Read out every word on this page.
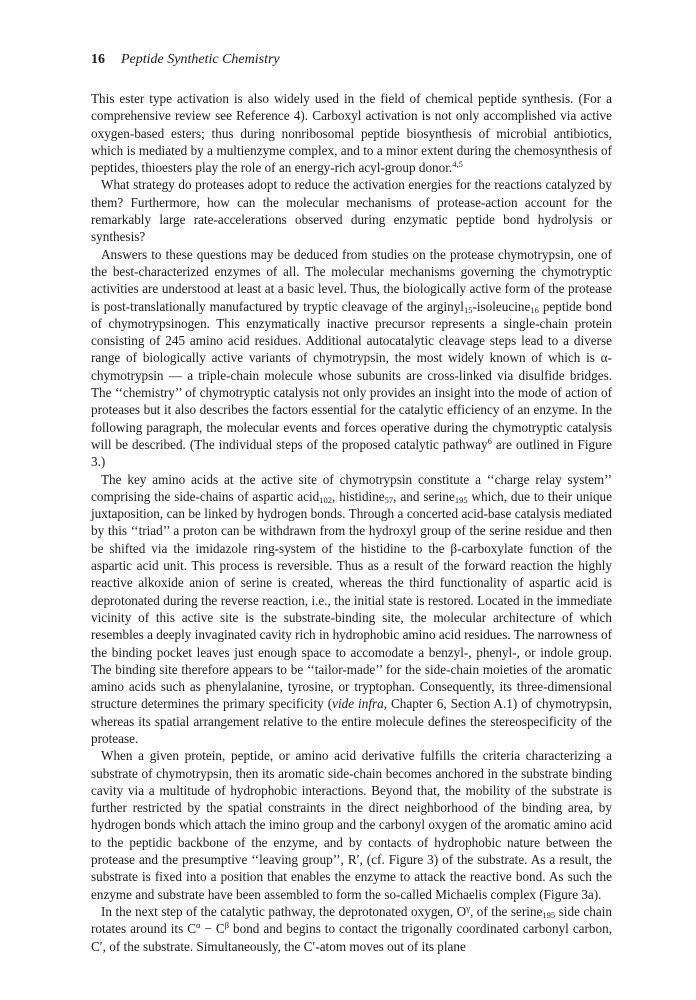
16 Peptide Synthetic Chemistry

This ester type activation is also widely used in the field of chemical peptide synthesis. (For a comprehensive review see Reference 4). Carboxyl activation is not only accomplished via active oxygen-based esters; thus during nonribosomal peptide biosynthesis of microbial antibiotics, which is mediated by a multienzyme complex, and to a minor extent during the chemosynthesis of peptides, thioesters play the role of an energy-rich acyl-group donor.$^{4,5}$

What strategy do proteases adopt to reduce the activation energies for the reactions catalyzed by them? Furthermore, how can the molecular mechanisms of protease-action account for the remarkably large rate-accelerations observed during enzymatic peptide bond hydrolysis or synthesis?

Answers to these questions may be deduced from studies on the protease chymotrypsin, one of the best-characterized enzymes of all. The molecular mechanisms governing the chymotryptic activities are understood at least at a basic level. Thus, the biologically active form of the protease is post-translationally manufactured by tryptic cleavage of the arginyl$_{15}$-isoleucine$_{16}$ peptide bond of chymotrypsinogen. This enzymatically inactive precursor represents a single-chain protein consisting of 245 amino acid residues. Additional autocatalytic cleavage steps lead to a diverse range of biologically active variants of chymotrypsin, the most widely known of which is α-chymotrypsin — a triple-chain molecule whose subunits are cross-linked via disulfide bridges. The ‘‘chemistry’’ of chymotryptic catalysis not only provides an insight into the mode of action of proteases but it also describes the factors essential for the catalytic efficiency of an enzyme. In the following paragraph, the molecular events and forces operative during the chymotryptic catalysis will be described. (The individual steps of the proposed catalytic pathway$^6$ are outlined in Figure 3.)

The key amino acids at the active site of chymotrypsin constitute a ‘‘charge relay system’’ comprising the side-chains of aspartic acid$_{102}$, histidine$_{57}$, and serine$_{195}$ which, due to their unique juxtaposition, can be linked by hydrogen bonds. Through a concerted acid-base catalysis mediated by this ‘‘triad’’ a proton can be withdrawn from the hydroxyl group of the serine residue and then be shifted via the imidazole ring-system of the histidine to the β-carboxylate function of the aspartic acid unit. This process is reversible. Thus as a result of the forward reaction the highly reactive alkoxide anion of serine is created, whereas the third functionality of aspartic acid is deprotonated during the reverse reaction, i.e., the initial state is restored. Located in the immediate vicinity of this active site is the substrate-binding site, the molecular architecture of which resembles a deeply invaginated cavity rich in hydrophobic amino acid residues. The narrowness of the binding pocket leaves just enough space to accomodate a benzyl-, phenyl-, or indole group. The binding site therefore appears to be ‘‘tailor-made’’ for the side-chain moieties of the aromatic amino acids such as phenylalanine, tyrosine, or tryptophan. Consequently, its three-dimensional structure determines the primary specificity (vide infra, Chapter 6, Section A.1) of chymotrypsin, whereas its spatial arrangement relative to the entire molecule defines the stereospecificity of the protease.

When a given protein, peptide, or amino acid derivative fulfills the criteria characterizing a substrate of chymotrypsin, then its aromatic side-chain becomes anchored in the substrate binding cavity via a multitude of hydrophobic interactions. Beyond that, the mobility of the substrate is further restricted by the spatial constraints in the direct neighborhood of the binding area, by hydrogen bonds which attach the imino group and the carbonyl oxygen of the aromatic amino acid to the peptidic backbone of the enzyme, and by contacts of hydrophobic nature between the protease and the presumptive ‘‘leaving group’’, R′, (cf. Figure 3) of the substrate. As a result, the substrate is fixed into a position that enables the enzyme to attack the reactive bond. As such the enzyme and substrate have been assembled to form the so-called Michaelis complex (Figure 3a).

In the next step of the catalytic pathway, the deprotonated oxygen, $O^\gamma$, of the serine$_{195}$ side chain rotates around its $C^\alpha - C^\beta$ bond and begins to contact the trigonally coordinated carbonyl carbon, C′, of the substrate. Simultaneously, the C′-atom moves out of its plane
